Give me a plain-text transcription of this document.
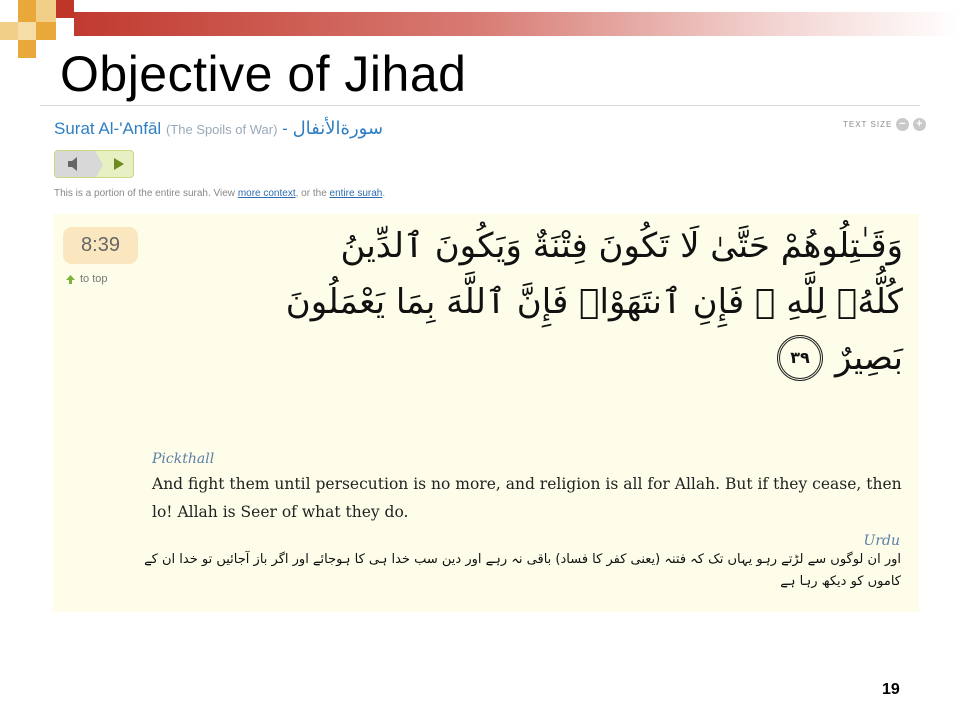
Objective of Jihad
Surat Al-'Anfāl (The Spoils of War) - سورةالأنفال	TEXT SIZE − +
This is a portion of the entire surah. View more context, or the entire surah.
8:39
to top
وَقَـٰتِلُوهُمْ حَتَّىٰ لَا تَكُونَ فِتْنَةٌ وَيَكُونَ ٱلدِّينُ
كُلُّهُۥ لِلَّهِ ۚ فَإِنِ ٱنتَهَوْا۟ فَإِنَّ ٱللَّهَ بِمَا يَعْمَلُونَ
بَصِيرٌ
٣٩
Pickthall
And fight them until persecution is no more, and religion is all for Allah. But if they cease, then lo! Allah is Seer of what they do.
Urdu
اور ان لوگوں سے لڑتے رہو یہاں تک کہ فتنہ (یعنی کفر کا فساد) باقی نہ رہے اور دین سب خدا ہی کا ہوجائے اور اگر باز آجائیں تو خدا ان کے کاموں کو دیکھ رہا ہے
19
